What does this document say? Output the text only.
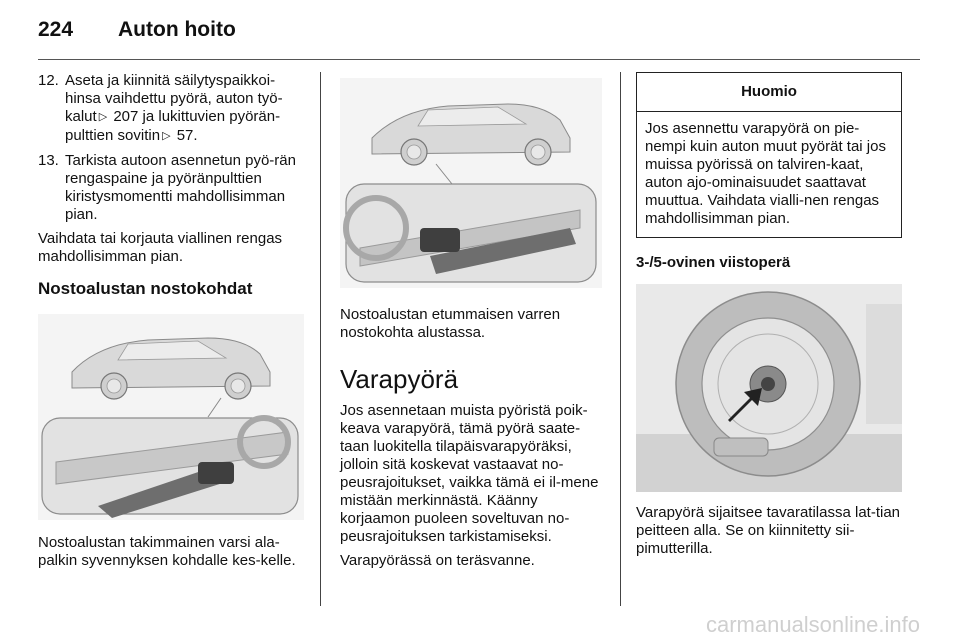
224 Auton hoito
12. Aseta ja kiinnitä säilytyspaikkoi-hinsa vaihdettu pyörä, auton työ-kalut ▷ 207 ja lukittuvien pyörän-pulttien sovitin ▷ 57.
13. Tarkista autoon asennetun pyö-rän rengaspaine ja pyöränpulttien kiristysmomentti mahdollisimman pian.

Vaihdata tai korjauta viallinen rengas mahdollisimman pian.

Nostoalustan nostokohdat

Nostoalustan takimmainen varsi ala-palkin syvennyksen kohdalle kes-kelle.

Nostoalustan etummaisen varren nostokohta alustassa.

Varapyörä

Jos asennetaan muista pyöristä poik-keava varapyörä, tämä pyörä saate-taan luokitella tilapäisvarapyöräksi, jolloin sitä koskevat vastaavat no-peusrajoitukset, vaikka tämä ei il-mene mistään merkinnästä. Käänny korjaamon puoleen soveltuvan no-peusrajoituksen tarkistamiseksi.

Varapyörässä on teräsvanne.

Huomio
Jos asennettu varapyörä on pie-nempi kuin auton muut pyörät tai jos muissa pyörissä on talviren-kaat, auton ajo-ominaisuudet saattavat muuttua. Vaihdata vialli-nen rengas mahdollisimman pian.
3-/5-ovinen viistoperä

Varapyörä sijaitsee tavaratilassa lat-tian peitteen alla. Se on kiinnitetty sii-pimutterilla.

carmanualsonline.info
